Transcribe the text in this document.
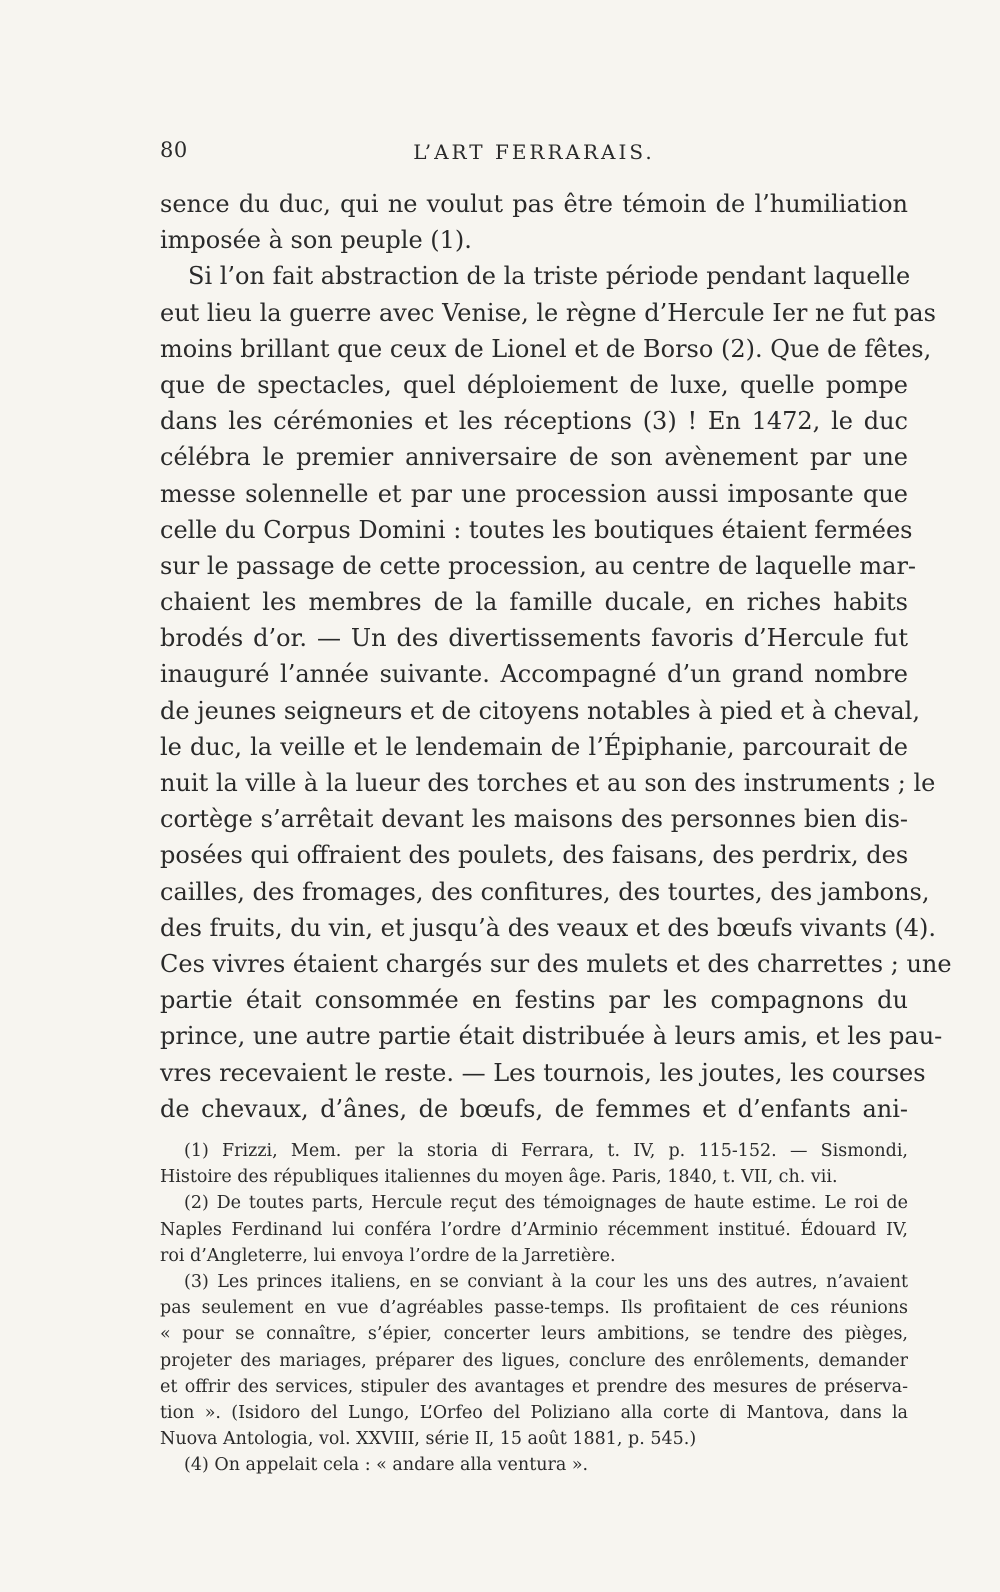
80	L’ART FERRARAIS.
sence du duc, qui ne voulut pas être témoin de l’humiliation
imposée à son peuple (1).
Si l’on fait abstraction de la triste période pendant laquelle
eut lieu la guerre avec Venise, le règne d’Hercule Ier ne fut pas
moins brillant que ceux de Lionel et de Borso (2). Que de fêtes,
que de spectacles, quel déploiement de luxe, quelle pompe
dans les cérémonies et les réceptions (3) ! En 1472, le duc
célébra le premier anniversaire de son avènement par une
messe solennelle et par une procession aussi imposante que
celle du Corpus Domini : toutes les boutiques étaient fermées
sur le passage de cette procession, au centre de laquelle mar-
chaient les membres de la famille ducale, en riches habits
brodés d’or. — Un des divertissements favoris d’Hercule fut
inauguré l’année suivante. Accompagné d’un grand nombre
de jeunes seigneurs et de citoyens notables à pied et à cheval,
le duc, la veille et le lendemain de l’Épiphanie, parcourait de
nuit la ville à la lueur des torches et au son des instruments ; le
cortège s’arrêtait devant les maisons des personnes bien dis-
posées qui offraient des poulets, des faisans, des perdrix, des
cailles, des fromages, des confitures, des tourtes, des jambons,
des fruits, du vin, et jusqu’à des veaux et des bœufs vivants (4).
Ces vivres étaient chargés sur des mulets et des charrettes ; une
partie était consommée en festins par les compagnons du
prince, une autre partie était distribuée à leurs amis, et les pau-
vres recevaient le reste. — Les tournois, les joutes, les courses
de chevaux, d’ânes, de bœufs, de femmes et d’enfants ani-
(1) Frizzi, Mem. per la storia di Ferrara, t. IV, p. 115-152. — Sismondi,
Histoire des républiques italiennes du moyen âge. Paris, 1840, t. VII, ch. vii.
(2) De toutes parts, Hercule reçut des témoignages de haute estime. Le roi de
Naples Ferdinand lui conféra l’ordre d’Arminio récemment institué. Édouard IV,
roi d’Angleterre, lui envoya l’ordre de la Jarretière.
(3) Les princes italiens, en se conviant à la cour les uns des autres, n’avaient
pas seulement en vue d’agréables passe-temps. Ils profitaient de ces réunions
« pour se connaître, s’épier, concerter leurs ambitions, se tendre des pièges,
projeter des mariages, préparer des ligues, conclure des enrôlements, demander
et offrir des services, stipuler des avantages et prendre des mesures de préserva-
tion ». (Isidoro del Lungo, L’Orfeo del Poliziano alla corte di Mantova, dans la
Nuova Antologia, vol. XXVIII, série II, 15 août 1881, p. 545.)
(4) On appelait cela : « andare alla ventura ».
